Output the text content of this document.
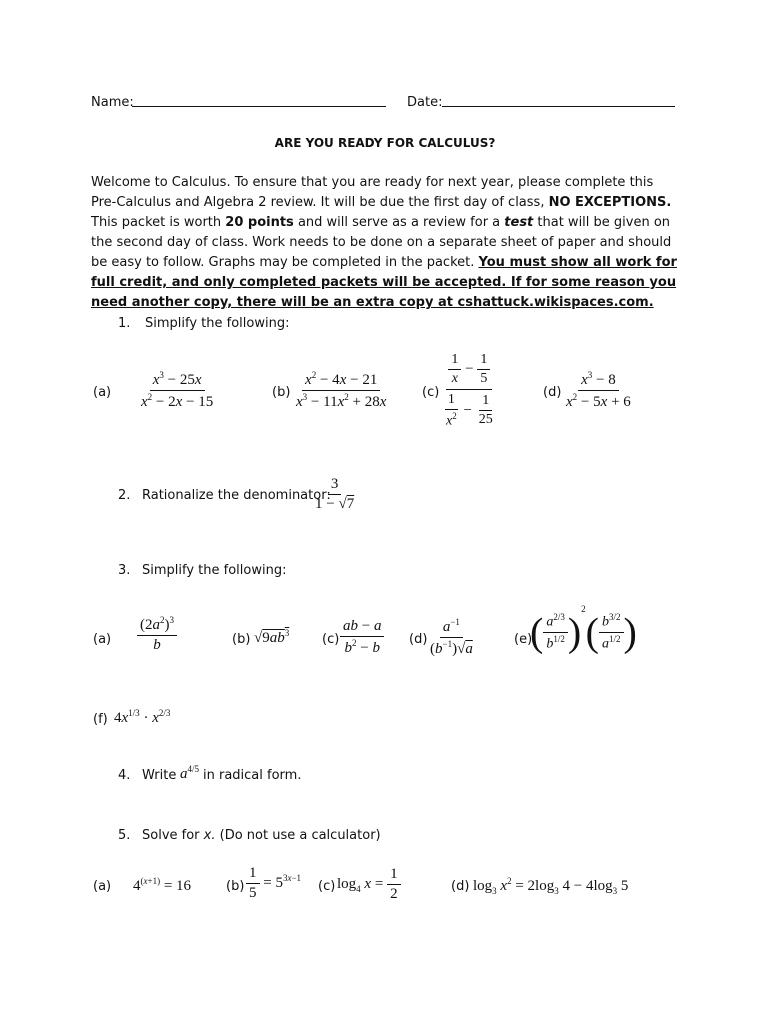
Name:	Date:
ARE YOU READY FOR CALCULUS?
Welcome to Calculus. To ensure that you are ready for next year, please complete this Pre-Calculus and Algebra 2 review. It will be due the first day of class, NO EXCEPTIONS. This packet is worth 20 points and will serve as a review for a test that will be given on the second day of class. Work needs to be done on a separate sheet of paper and should be easy to follow. Graphs may be completed in the packet. You must show all work for full credit, and only completed packets will be accepted. If for some reason you need another copy, there will be an extra copy at cshattuck.wikispaces.com.
1. Simplify the following:
$(a) \frac{x^3 - 25x}{x^2 - 2x - 15}$	$(b) \frac{x^2 - 4x - 21}{x^3 - 11x^2 + 28x}$	$(c) \frac{\frac{1}{x} - \frac{1}{5}}{\frac{1}{x^2} - \frac{1}{25}}$	$(d) \frac{x^3 - 8}{x^2 - 5x + 6}$
2. Rationalize the denominator:
$\frac{3}{1 - √7}$
3. Simplify the following:
$(a) \frac{(2a^2)^3}{b}$	(b) $√9ab^3$	$(c) \frac{ab - a}{b^2 - b} (d) \frac{a^{-1}}{(b^{-1})√a}$	(e)
( $\frac{a^{2/3}}{b^{1/2}} )^2( \frac{b^{3/2}}{a^{1/2}}$ )
(f) $4x^{1/3} \cdot x^{2/3}$
4. Write $a^{4/5}$ in radical form.
5. Solve for x. (Do not use a calculator)
(a) $4^{(x+1)} = 16$	$(b) \frac{1}{5} = 5^{3x-1}$
(c) $\log_4 x = \frac{1}{2}$	(d) $\log_3 x^2 = 2\log_3$ $4 - 4\log_3$ 5
